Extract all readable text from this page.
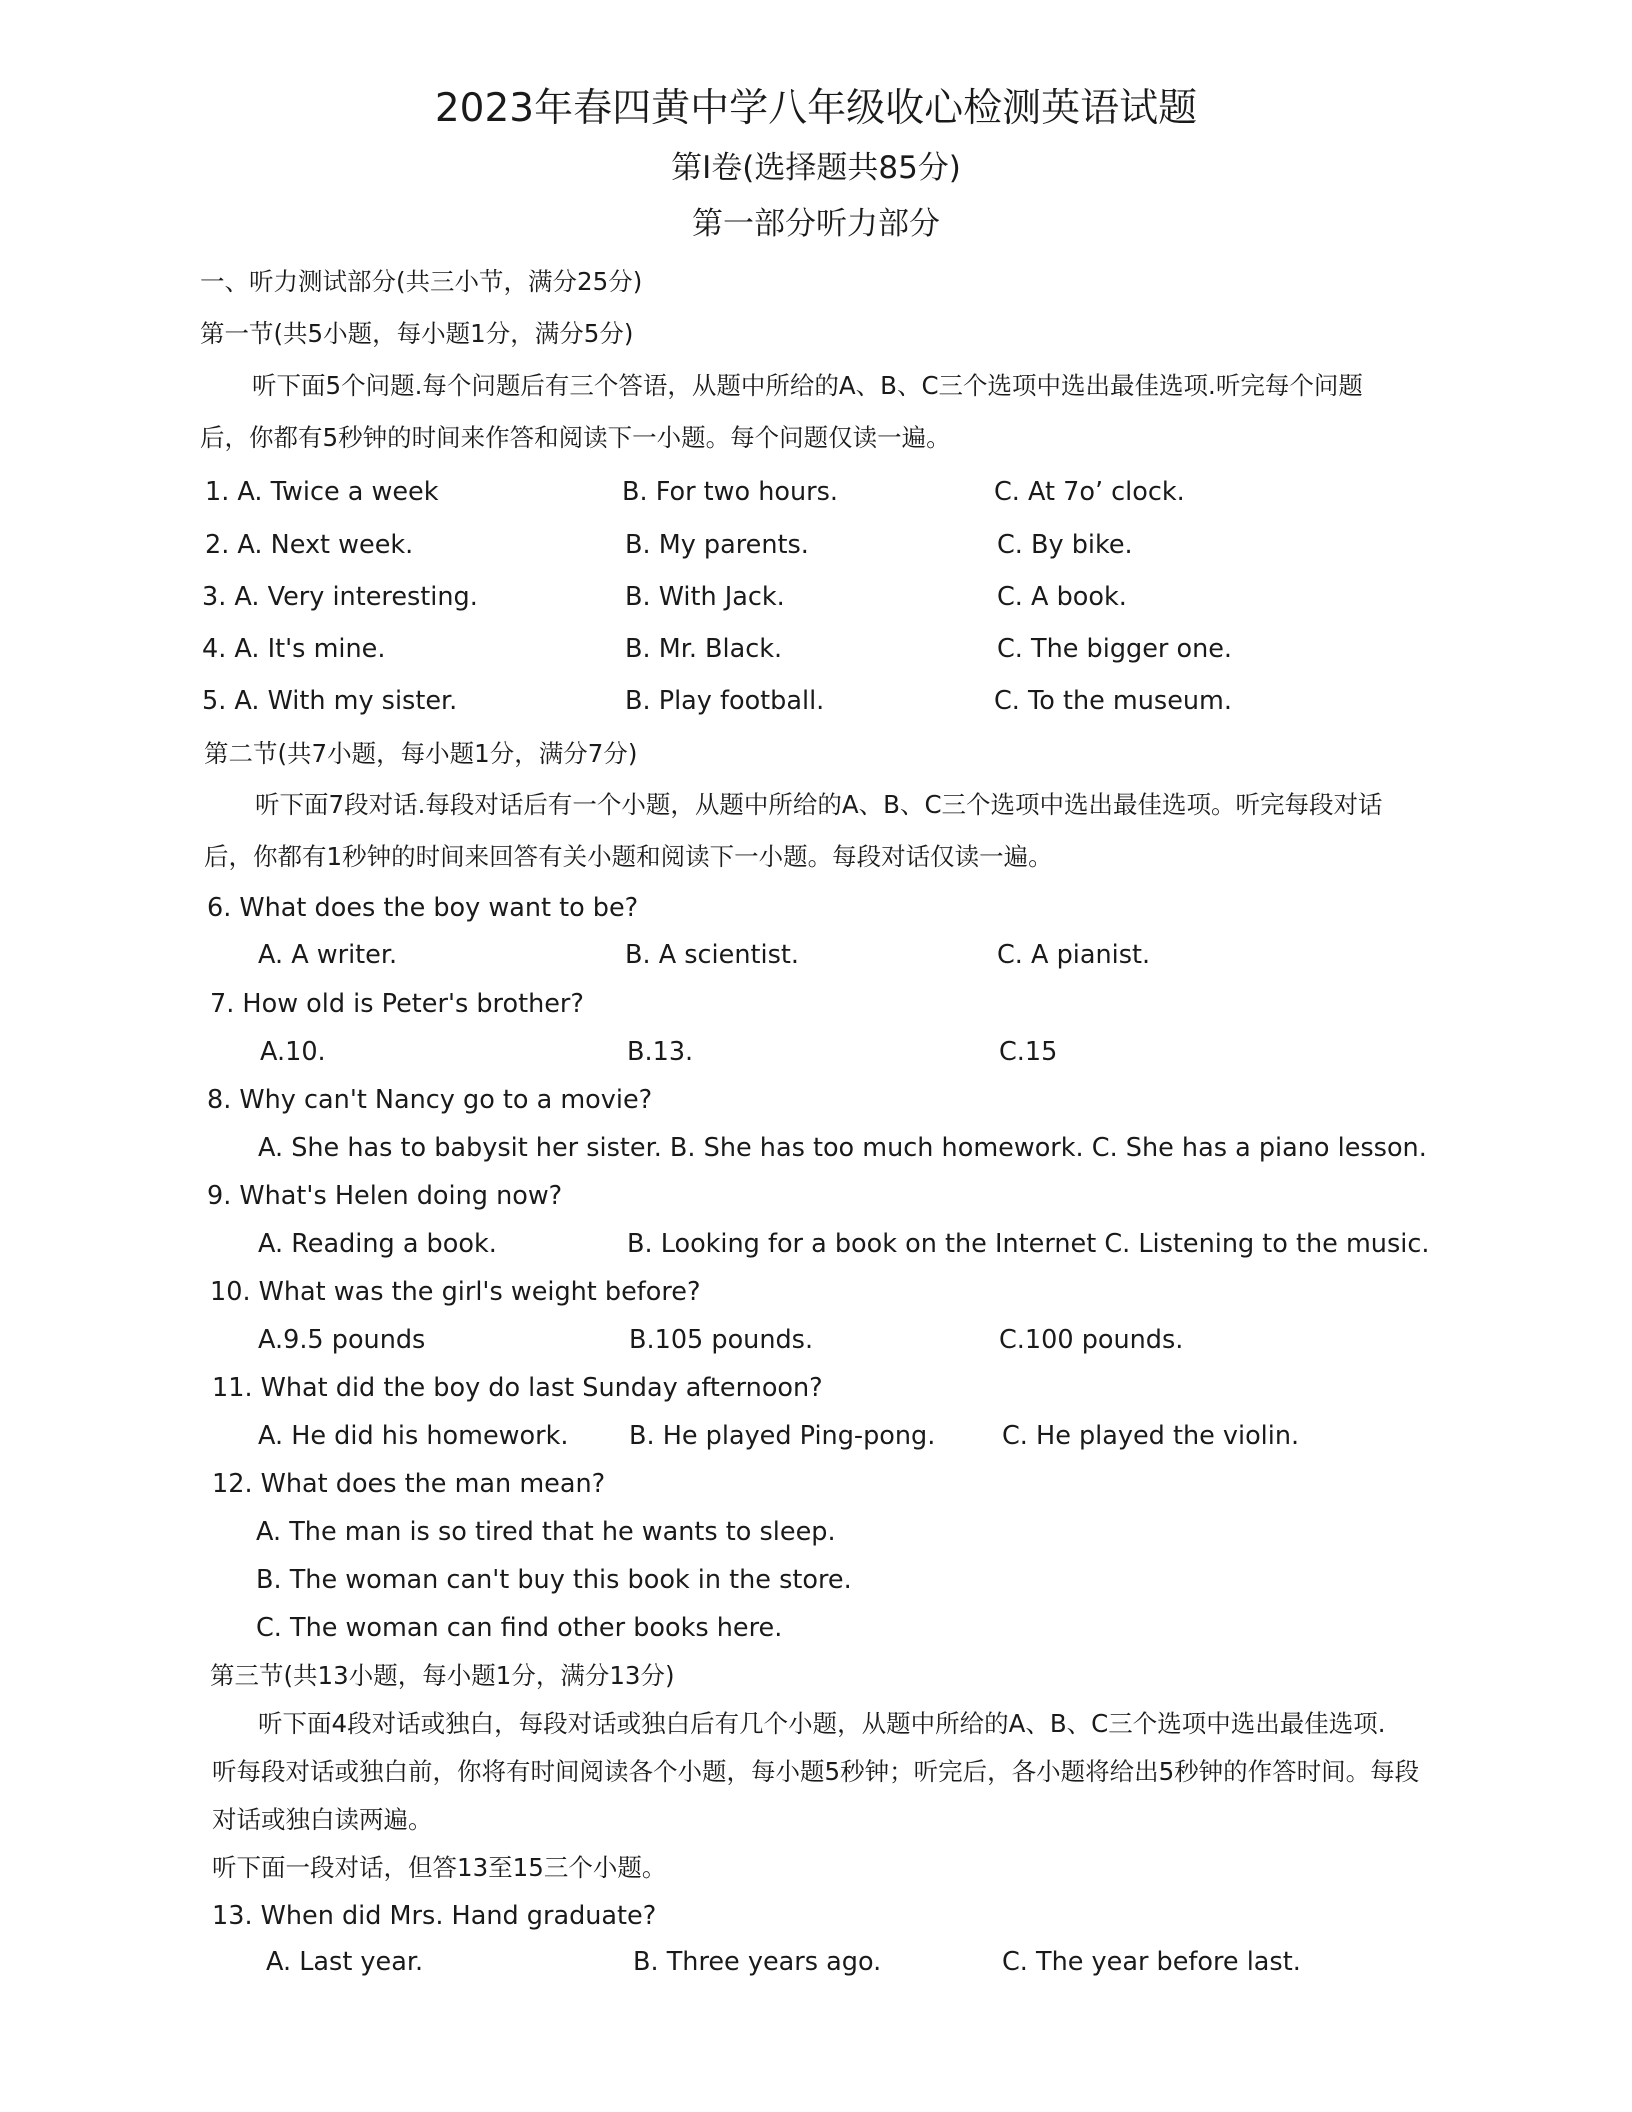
2023年春四黄中学八年级收心检测英语试题
第Ⅰ卷(选择题共85分)
第一部分听力部分
一、听力测试部分(共三小节，满分25分)
第一节(共5小题，每小题1分，满分5分)
听下面5个问题.每个问题后有三个答语，从题中所给的A、B、C三个选项中选出最佳选项.听完每个问题
后，你都有5秒钟的时间来作答和阅读下一小题。每个问题仅读一遍。
1. A. Twice a week	B. For two hours.	C. At 7o’ clock.
2. A. Next week.	B. My parents.	C. By bike.
3. A. Very interesting.	B. With Jack.	C. A book.
4. A. It's mine.	B. Mr. Black.	C. The bigger one.
5. A. With my sister.	B. Play football.	C. To the museum.
第二节(共7小题，每小题1分，满分7分)
听下面7段对话.每段对话后有一个小题，从题中所给的A、B、C三个选项中选出最佳选项。听完每段对话
后，你都有1秒钟的时间来回答有关小题和阅读下一小题。每段对话仅读一遍。
6. What does the boy want to be?
A. A writer.	B. A scientist.	C. A pianist.
7. How old is Peter's brother?
A.10.	B.13.	C.15
8. Why can't Nancy go to a movie?
A. She has to babysit her sister. B. She has too much homework. C. She has a piano lesson.
9. What's Helen doing now?
A. Reading a book.	B. Looking for a book on the Internet C. Listening to the music.
10. What was the girl's weight before?
A.9.5 pounds	B.105 pounds.	C.100 pounds.
11. What did the boy do last Sunday afternoon?
A. He did his homework. B. He played Ping-pong.	C. He played the violin.
12. What does the man mean?
A. The man is so tired that he wants to sleep.
B. The woman can't buy this book in the store.
C. The woman can find other books here.
第三节(共13小题，每小题1分，满分13分)
听下面4段对话或独白，每段对话或独白后有几个小题，从题中所给的A、B、C三个选项中选出最佳选项.
听每段对话或独白前，你将有时间阅读各个小题，每小题5秒钟；听完后，各小题将给出5秒钟的作答时间。每段
对话或独白读两遍。
听下面一段对话，但答13至15三个小题。
13. When did Mrs. Hand graduate?
A. Last year.	B. Three years ago.	C. The year before last.
